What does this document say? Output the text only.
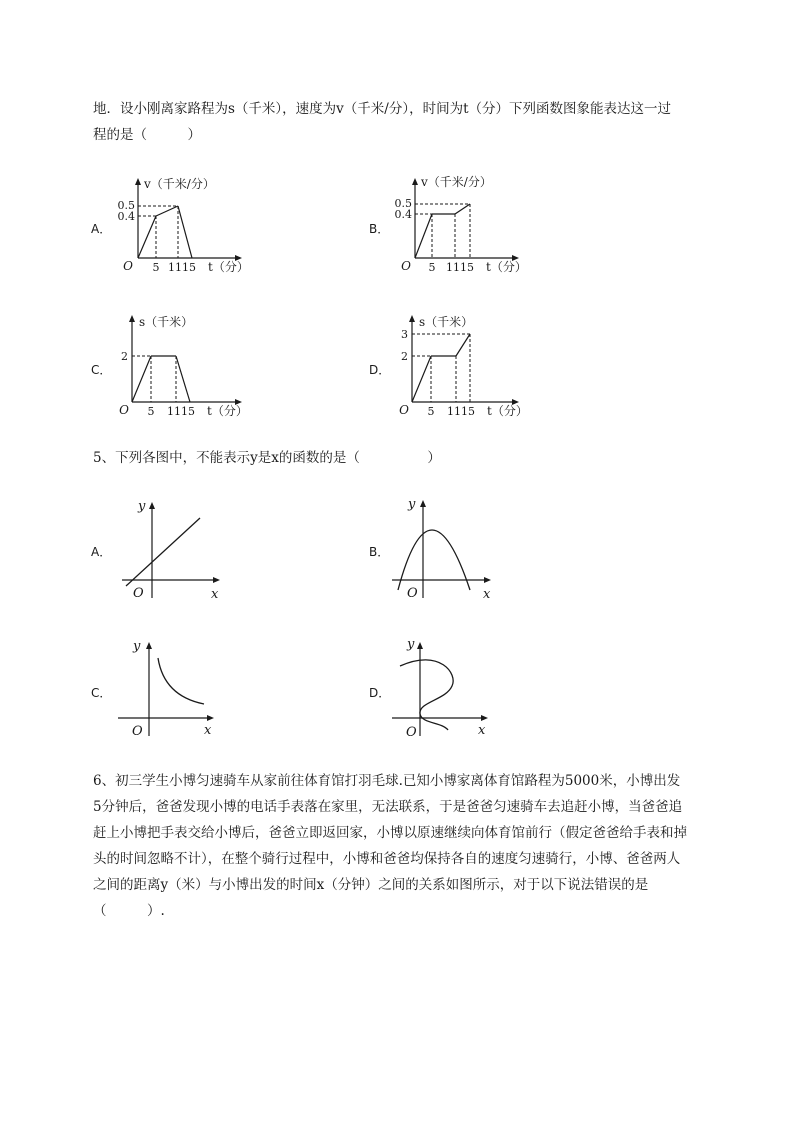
地．设小刚离家路程为s（千米），速度为v（千米/分），时间为t（分）下列函数图象能表达这一过
程的是（　　　）
A．
v（千米/分）
0.5
0.4
O 5 1115 t（分）
B．
v（千米/分）
0.5
0.4
O 5 1115 t（分）
C．
s（千米）
2
O 5 1115 t（分）
D．
s（千米）
3
2
O 5 1115 t（分）
5、下列各图中，不能表示y是x的函数的是（　　　　　）
A．
y
O	x
B．
y
O	x
C．
y
O	x
D．
y
O	x
6、初三学生小博匀速骑车从家前往体育馆打羽毛球.已知小博家离体育馆路程为5000米，小博出发
5分钟后，爸爸发现小博的电话手表落在家里，无法联系，于是爸爸匀速骑车去追赶小博，当爸爸追
赶上小博把手表交给小博后，爸爸立即返回家，小博以原速继续向体育馆前行（假定爸爸给手表和掉
头的时间忽略不计），在整个骑行过程中，小博和爸爸均保持各自的速度匀速骑行，小博、爸爸两人
之间的距离y（米）与小博出发的时间x（分钟）之间的关系如图所示，对于以下说法错误的是
（　　　）.
